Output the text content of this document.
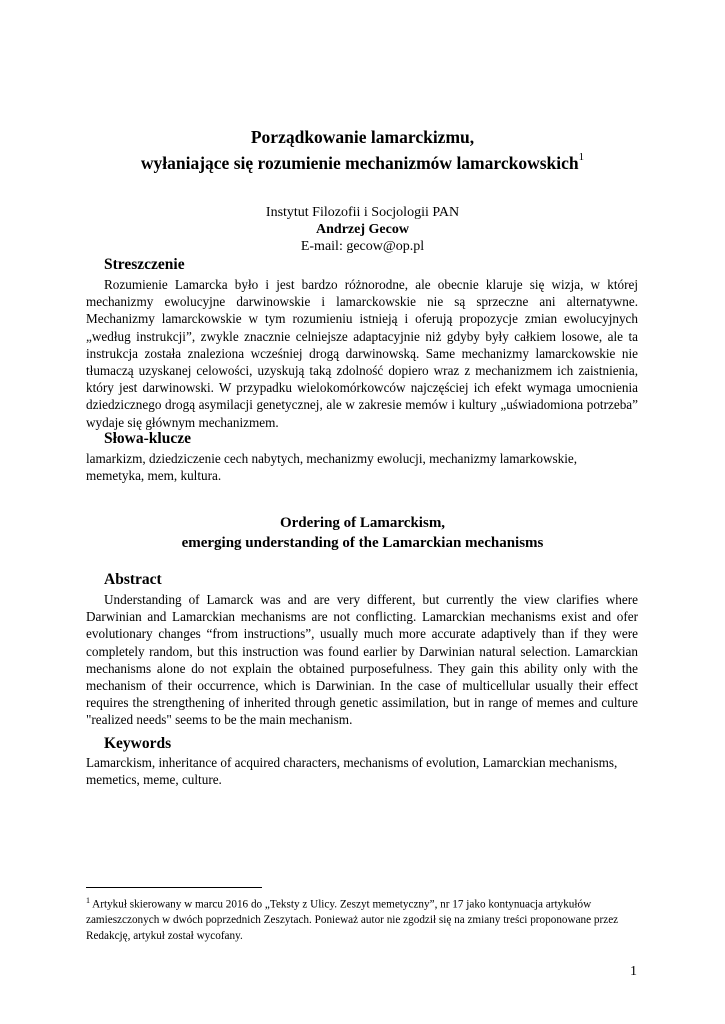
Porządkowanie lamarckizmu,
wyłaniające się rozumienie mechanizmów lamarckowskich$^1$
Instytut Filozofii i Socjologii PAN
Andrzej Gecow
E-mail: gecow@op.pl
Streszczenie

Rozumienie Lamarcka było i jest bardzo różnorodne, ale obecnie klaruje się wizja, w której mechanizmy ewolucyjne darwinowskie i lamarckowskie nie są sprzeczne ani alternatywne. Mechanizmy lamarckowskie w tym rozumieniu istnieją i oferują propozycje zmian ewolucyjnych „według instrukcji”, zwykle znacznie celniejsze adaptacyjnie niż gdyby były całkiem losowe, ale ta instrukcja została znaleziona wcześniej drogą darwinowską. Same mechanizmy lamarckowskie nie tłumaczą uzyskanej celowości, uzyskują taką zdolność dopiero wraz z mechanizmem ich zaistnienia, który jest darwinowski. W przypadku wielokomórkowców najczęściej ich efekt wymaga umocnienia dziedzicznego drogą asymilacji genetycznej, ale w zakresie memów i kultury „uświadomiona potrzeba” wydaje się głównym mechanizmem.

Słowa-klucze
lamarkizm, dziedziczenie cech nabytych, mechanizmy ewolucji, mechanizmy lamarkowskie,
memetyka, mem, kultura.
Ordering of Lamarckism,
emerging understanding of the Lamarckian mechanisms
Abstract

Understanding of Lamarck was and are very different, but currently the view clarifies where Darwinian and Lamarckian mechanisms are not conflicting. Lamarckian mechanisms exist and ofer evolutionary changes “from instructions”, usually much more accurate adaptively than if they were completely random, but this instruction was found earlier by Darwinian natural selection. Lamarckian mechanisms alone do not explain the obtained purposefulness. They gain this ability only with the mechanism of their occurrence, which is Darwinian. In the case of multicellular usually their effect requires the strengthening of inherited through genetic assimilation, but in range of memes and culture "realized needs" seems to be the main mechanism.

Keywords
Lamarckism, inheritance of acquired characters, mechanisms of evolution, Lamarckian mechanisms,
memetics, meme, culture.
$^1$ Artykuł skierowany w marcu 2016 do „Teksty z Ulicy. Zeszyt memetyczny”, nr 17 jako kontynuacja artykułów zamieszczonych w dwóch poprzednich Zeszytach. Ponieważ autor nie zgodził się na zmiany treści proponowane przez Redakcję, artykuł został wycofany.
1
